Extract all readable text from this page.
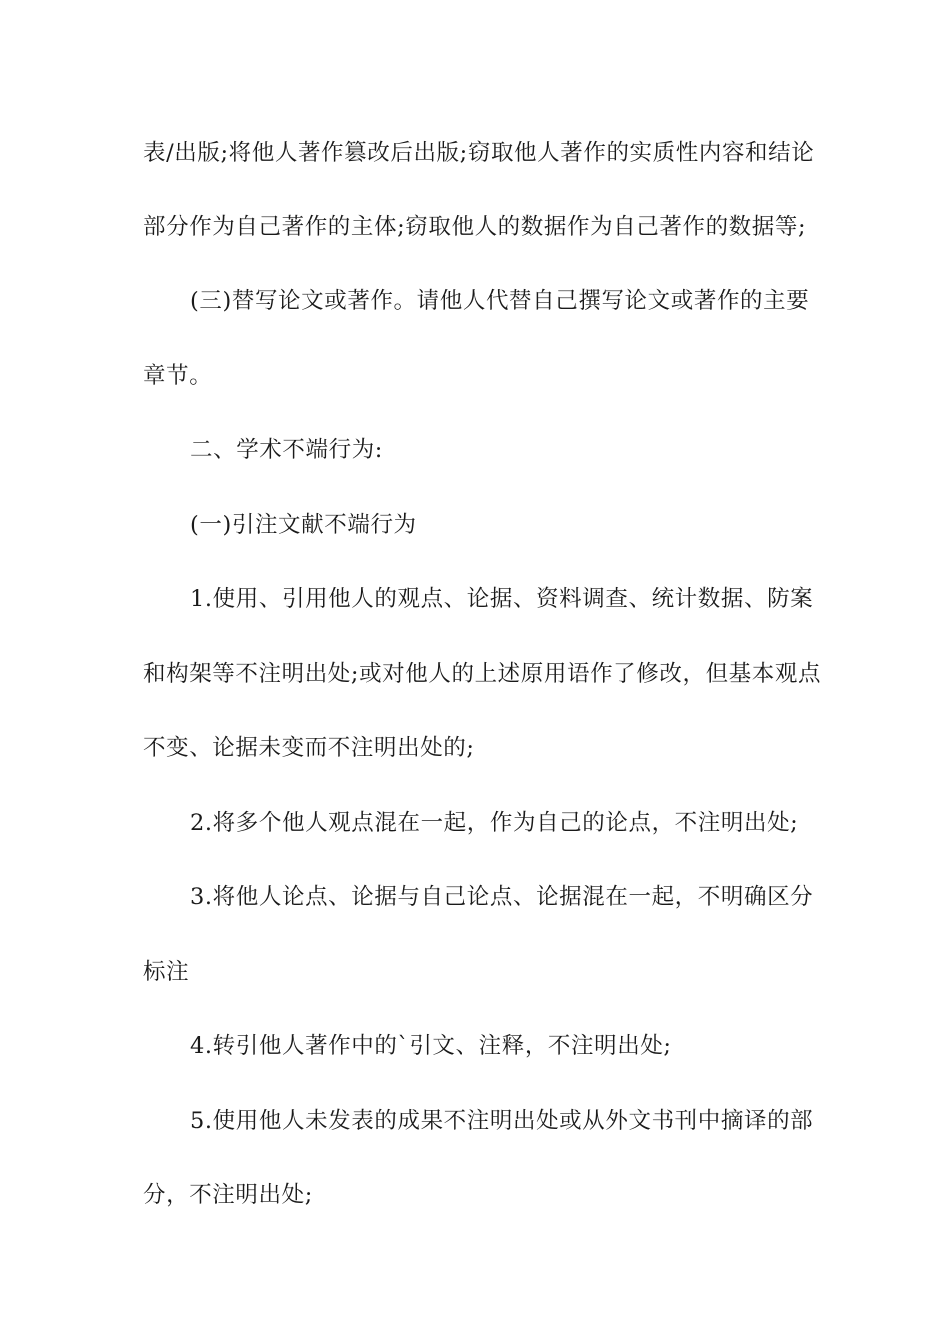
表/出版;将他人著作篡改后出版;窃取他人著作的实质性内容和结论
部分作为自己著作的主体;窃取他人的数据作为自己著作的数据等;
(三)替写论文或著作。请他人代替自己撰写论文或著作的主要
章节。
二、学术不端行为:
(一)引注文献不端行为
1.使用、引用他人的观点、论据、资料调查、统计数据、防案
和构架等不注明出处;或对他人的上述原用语作了修改，但基本观点
不变、论据未变而不注明出处的;
2.将多个他人观点混在一起，作为自己的论点，不注明出处;
3.将他人论点、论据与自己论点、论据混在一起，不明确区分
标注
4.转引他人著作中的`引文、注释，不注明出处;
5.使用他人未发表的成果不注明出处或从外文书刊中摘译的部
分，不注明出处;
